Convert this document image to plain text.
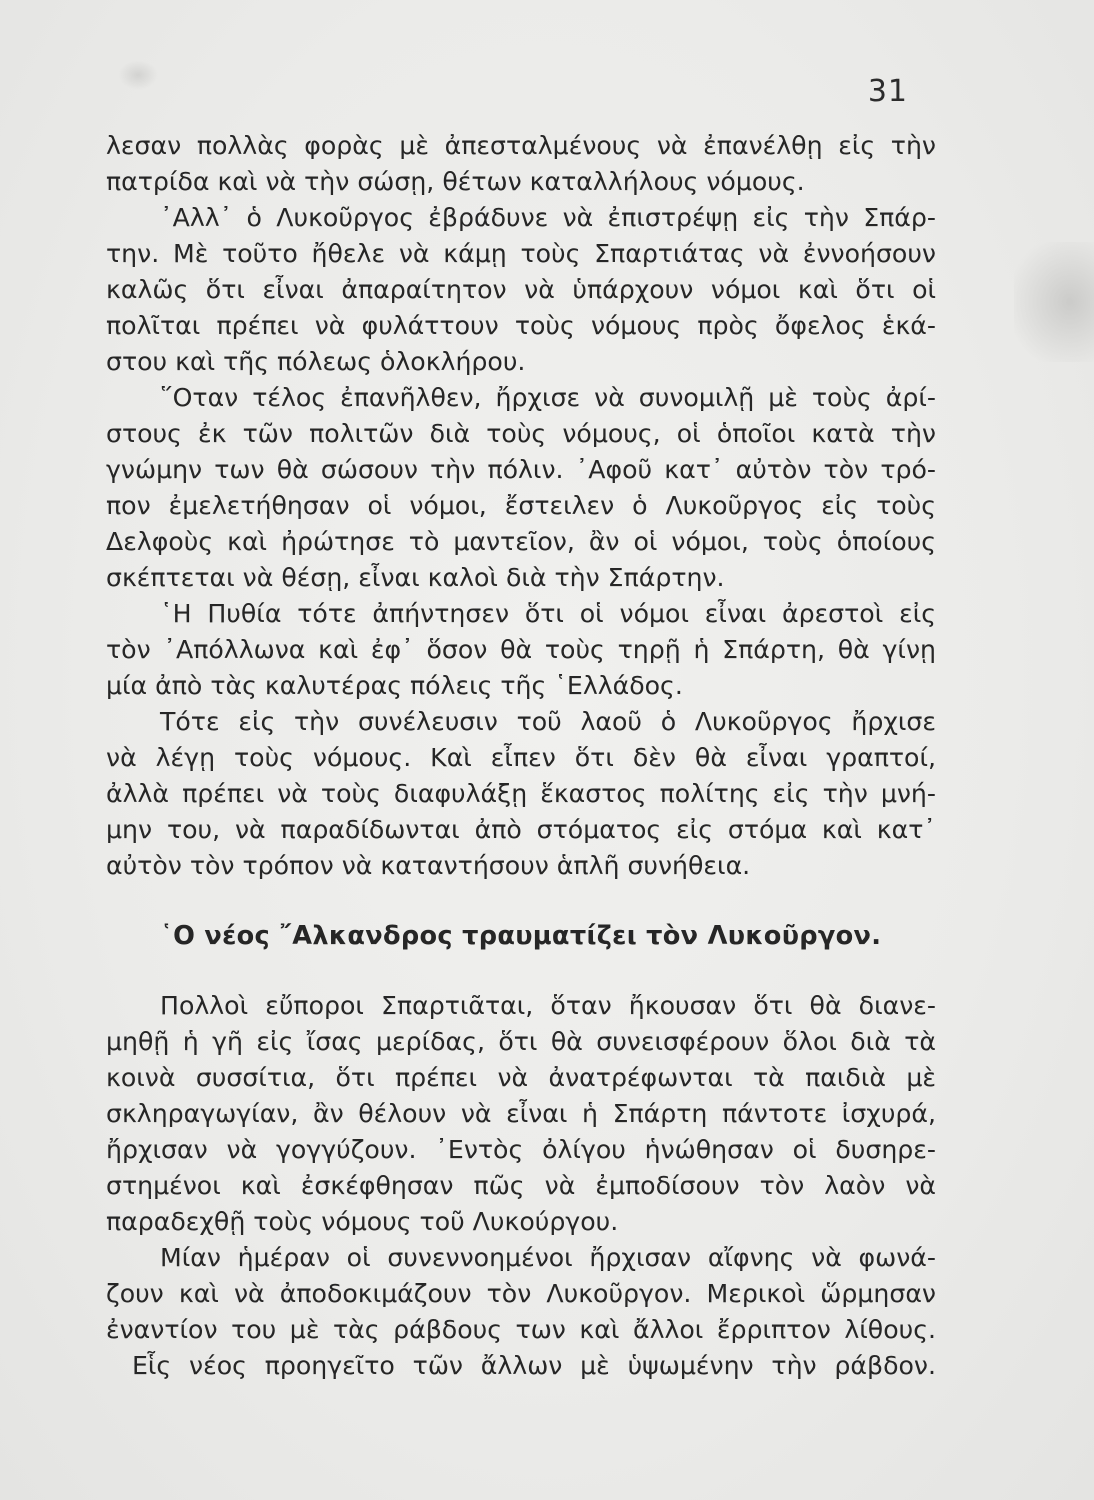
31
λεσαν πολλὰς φορὰς μὲ ἀπεσταλμένους νὰ ἐπανέλθῃ εἰς τὴν
πατρίδα καὶ νὰ τὴν σώσῃ, θέτων καταλλήλους νόμους.
᾿Αλλ᾿ ὁ Λυκοῦργος ἐβράδυνε νὰ ἐπιστρέψῃ εἰς τὴν Σπάρ-
την. Μὲ τοῦτο ἤθελε νὰ κάμῃ τοὺς Σπαρτιάτας νὰ ἐννοήσουν
καλῶς ὅτι εἶναι ἀπαραίτητον νὰ ὑπάρχουν νόμοι καὶ ὅτι οἱ
πολῖται πρέπει νὰ φυλάττουν τοὺς νόμους πρὸς ὄφελος ἑκά-
στου καὶ τῆς πόλεως ὁλοκλήρου.
῞Οταν τέλος ἐπανῆλθεν, ἤρχισε νὰ συνομιλῇ μὲ τοὺς ἀρί-
στους ἐκ τῶν πολιτῶν διὰ τοὺς νόμους, οἱ ὁποῖοι κατὰ τὴν
γνώμην των θὰ σώσουν τὴν πόλιν. ᾿Αφοῦ κατ᾿ αὐτὸν τὸν τρό-
πον ἐμελετήθησαν οἱ νόμοι, ἔστειλεν ὁ Λυκοῦργος εἰς τοὺς
Δελφοὺς καὶ ἠρώτησε τὸ μαντεῖον, ἂν οἱ νόμοι, τοὺς ὁποίους
σκέπτεται νὰ θέσῃ, εἶναι καλοὶ διὰ τὴν Σπάρτην.
῾Η Πυθία τότε ἀπήντησεν ὅτι οἱ νόμοι εἶναι ἀρεστοὶ εἰς
τὸν ᾿Απόλλωνα καὶ ἐφ᾿ ὅσον θὰ τοὺς τηρῇ ἡ Σπάρτη, θὰ γίνῃ
μία ἀπὸ τὰς καλυτέρας πόλεις τῆς ῾Ελλάδος.
Τότε εἰς τὴν συνέλευσιν τοῦ λαοῦ ὁ Λυκοῦργος ἤρχισε
νὰ λέγῃ τοὺς νόμους. Καὶ εἶπεν ὅτι δὲν θὰ εἶναι γραπτοί,
ἀλλὰ πρέπει νὰ τοὺς διαφυλάξῃ ἕκαστος πολίτης εἰς τὴν μνή-
μην του, νὰ παραδίδωνται ἀπὸ στόματος εἰς στόμα καὶ κατ᾿
αὐτὸν τὸν τρόπον νὰ καταντήσουν ἁπλῆ συνήθεια.
῾Ο νέος ῎Αλκανδρος τραυματίζει τὸν Λυκοῦργον.
Πολλοὶ εὔποροι Σπαρτιᾶται, ὅταν ἤκουσαν ὅτι θὰ διανε-
μηθῇ ἡ γῆ εἰς ἴσας μερίδας, ὅτι θὰ συνεισφέρουν ὅλοι διὰ τὰ
κοινὰ συσσίτια, ὅτι πρέπει νὰ ἀνατρέφωνται τὰ παιδιὰ μὲ
σκληραγωγίαν, ἂν θέλουν νὰ εἶναι ἡ Σπάρτη πάντοτε ἰσχυρά,
ἤρχισαν νὰ γογγύζουν. ᾿Εντὸς ὀλίγου ἡνώθησαν οἱ δυσηρε-
στημένοι καὶ ἐσκέφθησαν πῶς νὰ ἐμποδίσουν τὸν λαὸν νὰ
παραδεχθῇ τοὺς νόμους τοῦ Λυκούργου.
Μίαν ἡμέραν οἱ συνεννοημένοι ἤρχισαν αἴφνης νὰ φωνά-
ζουν καὶ νὰ ἀποδοκιμάζουν τὸν Λυκοῦργον. Μερικοὶ ὥρμησαν
ἐναντίον του μὲ τὰς ράβδους των καὶ ἄλλοι ἔρριπτον λίθους.
Εἷς νέος προηγεῖτο τῶν ἄλλων μὲ ὑψωμένην τὴν ράβδον.
